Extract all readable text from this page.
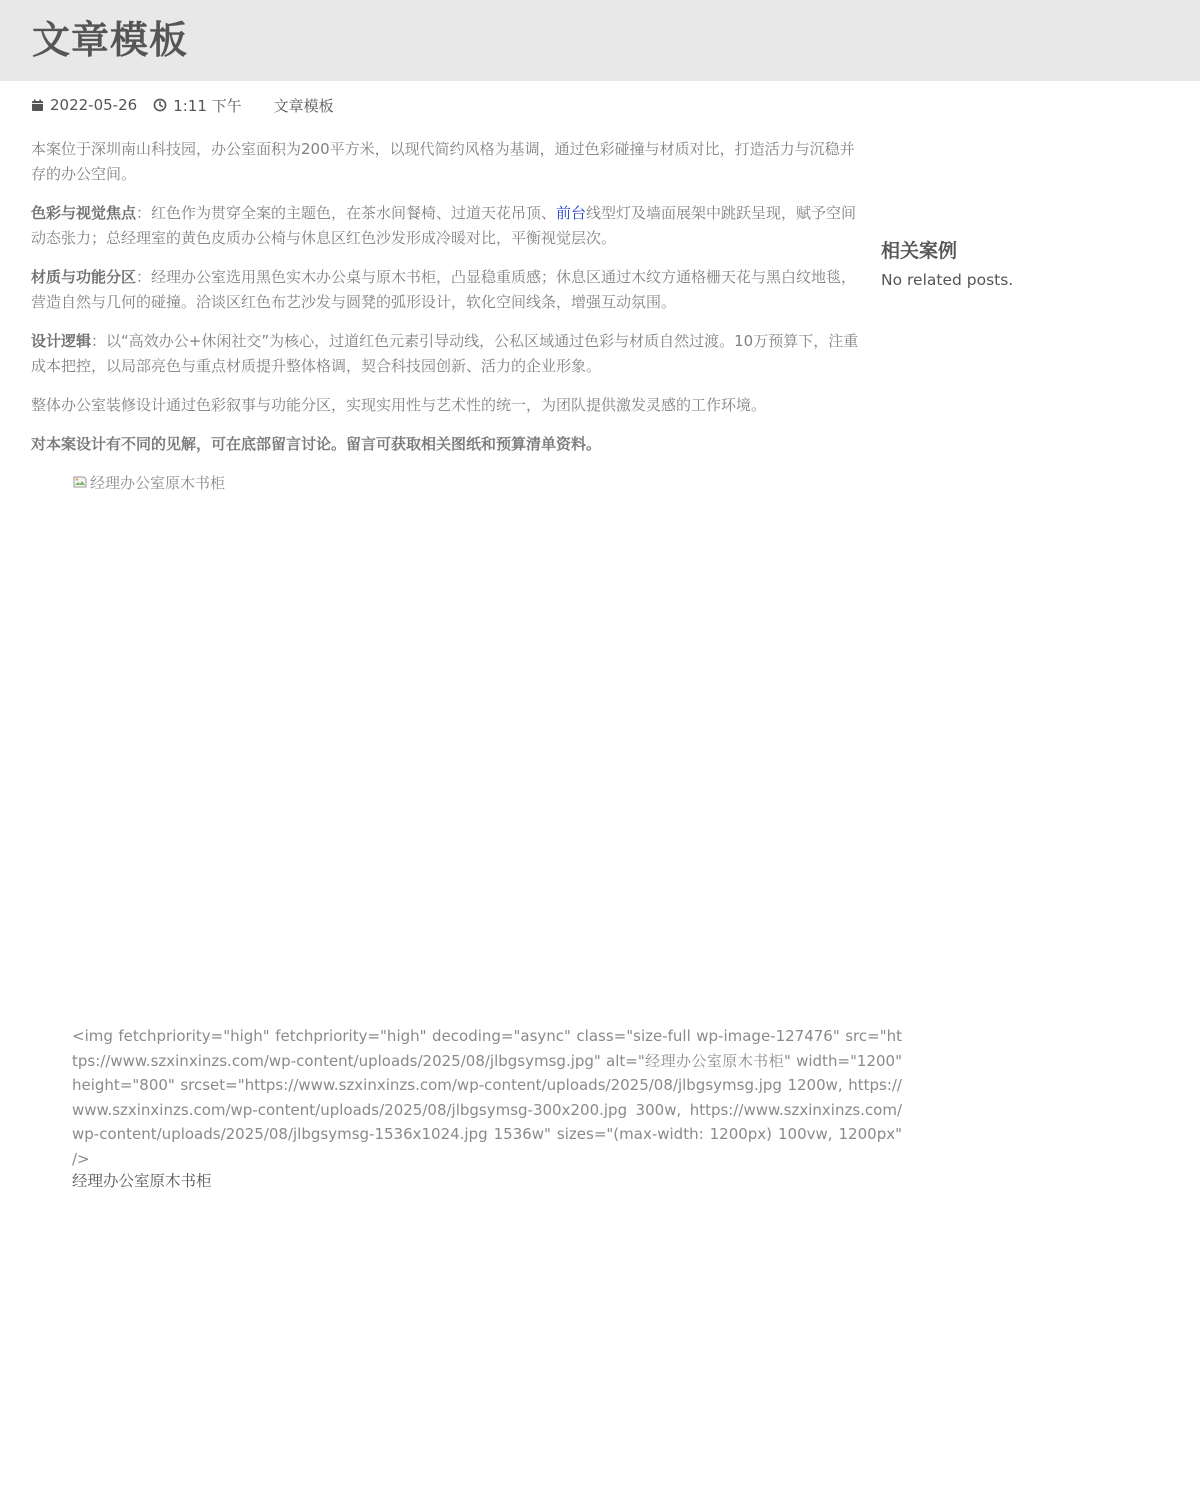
文章模板
2022-05-26 1:11 下午 文章模板

本案位于深圳南山科技园，办公室面积为200平方米，以现代简约风格为基调，通过色彩碰撞与材质对比，打造活力与沉稳并存的办公空间。

色彩与视觉焦点：红色作为贯穿全案的主题色，在茶水间餐椅、过道天花吊顶、前台线型灯及墙面展架中跳跃呈现，赋予空间动态张力；总经理室的黄色皮质办公椅与休息区红色沙发形成冷暖对比，平衡视觉层次。

材质与功能分区：经理办公室选用黑色实木办公桌与原木书柜，凸显稳重质感；休息区通过木纹方通格栅天花与黑白纹地毯，营造自然与几何的碰撞。洽谈区红色布艺沙发与圆凳的弧形设计，软化空间线条，增强互动氛围。

设计逻辑：以“高效办公+休闲社交”为核心，过道红色元素引导动线，公私区域通过色彩与材质自然过渡。10万预算下，注重成本把控，以局部亮色与重点材质提升整体格调，契合科技园创新、活力的企业形象。

整体办公室装修设计通过色彩叙事与功能分区，实现实用性与艺术性的统一，为团队提供激发灵感的工作环境。

对本案设计有不同的见解，可在底部留言讨论。留言可获取相关图纸和预算清单资料。

经理办公室原木书柜
<img fetchpriority="high" fetchpriority="high" decoding="async" class="size-full wp-image-127476" src="https://www.szxinxinzs.com/wp-content/uploads/2025/08/jlbgsymsg.jpg" alt="经理办公室原木书柜" width="1200" height="800" srcset="https://www.szxinxinzs.com/wp-content/uploads/2025/08/jlbgsymsg.jpg 1200w, https://www.szxinxinzs.com/wp-content/uploads/2025/08/jlbgsymsg-300x200.jpg 300w, https://www.szxinxinzs.com/wp-content/uploads/2025/08/jlbgsymsg-1536x1024.jpg 1536w" sizes="(max-width: 1200px) 100vw, 1200px" />
经理办公室原木书柜
相关案例
No related posts.
